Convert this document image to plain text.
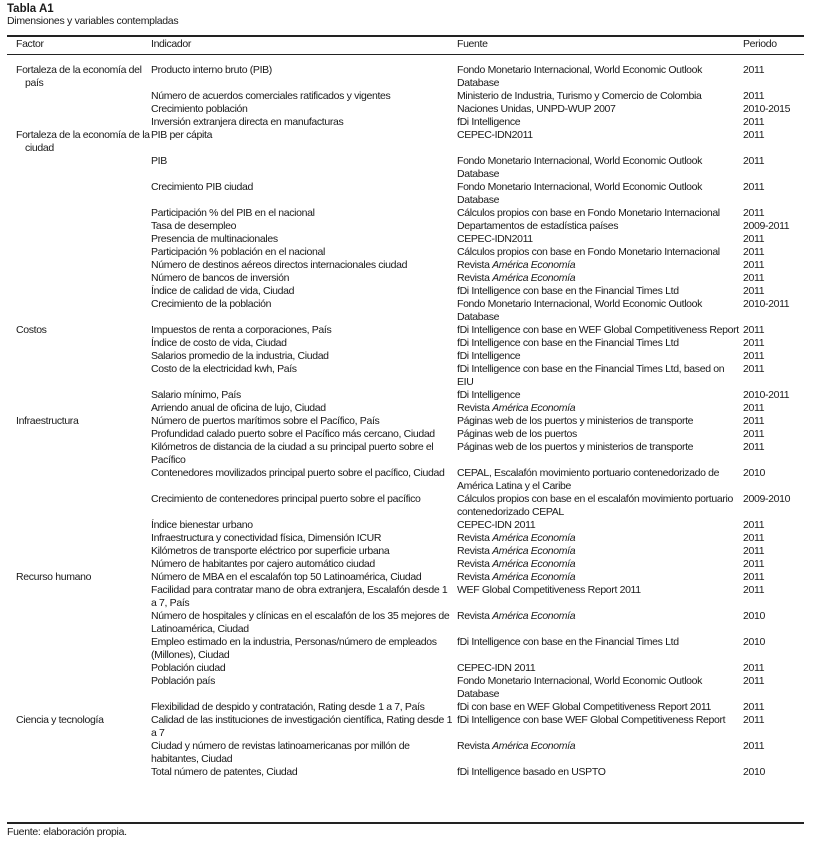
Tabla A1
Dimensiones y variables contempladas
Factor	Indicador	Fuente	Periodo

Fortaleza de la economía del país	Producto interno bruto (PIB)	Fondo Monetario Internacional, World Economic Outlook Database	2011

	Número de acuerdos comerciales ratificados y vigentes	Ministerio de Industria, Turismo y Comercio de Colombia	2011

	Crecimiento población	Naciones Unidas, UNPD-WUP 2007	2010-2015

	Inversión extranjera directa en manufacturas	fDi Intelligence	2011

Fortaleza de la economía de la ciudad	PIB per cápita	CEPEC-IDN2011	2011

	PIB	Fondo Monetario Internacional, World Economic Outlook Database	2011

	Crecimiento PIB ciudad	Fondo Monetario Internacional, World Economic Outlook Database	2011

	Participación % del PIB en el nacional	Cálculos propios con base en Fondo Monetario Internacional	2011

	Tasa de desempleo	Departamentos de estadística países	2009-2011

	Presencia de multinacionales	CEPEC-IDN2011	2011

	Participación % población en el nacional	Cálculos propios con base en Fondo Monetario Internacional	2011

	Número de destinos aéreos directos internacionales ciudad	Revista América Economía	2011

	Número de bancos de inversión	Revista América Economía	2011

	Índice de calidad de vida, Ciudad	fDi Intelligence con base en the Financial Times Ltd	2011

	Crecimiento de la población	Fondo Monetario Internacional, World Economic Outlook Database	2010-2011

Costos	Impuestos de renta a corporaciones, País	fDi Intelligence con base en WEF Global Competitiveness Report	2011

	Índice de costo de vida, Ciudad	fDi Intelligence con base en the Financial Times Ltd	2011

	Salarios promedio de la industria, Ciudad	fDi Intelligence	2011

	Costo de la electricidad kwh, País	fDi Intelligence con base en the Financial Times Ltd, based on EIU	2011

	Salario mínimo, País	fDi Intelligence	2010-2011

	Arriendo anual de oficina de lujo, Ciudad	Revista América Economía	2011

Infraestructura	Número de puertos marítimos sobre el Pacífico, País	Páginas web de los puertos y ministerios de transporte	2011

	Profundidad calado puerto sobre el Pacífico más cercano, Ciudad	Páginas web de los puertos	2011

	Kilómetros de distancia de la ciudad a su principal puerto sobre el Pacífico	Páginas web de los puertos y ministerios de transporte	2011

	Contenedores movilizados principal puerto sobre el pacífico, Ciudad	CEPAL, Escalafón movimiento portuario contenedorizado de América Latina y el Caribe	2010

	Crecimiento de contenedores principal puerto sobre el pacífico	Cálculos propios con base en el escalafón movimiento portuario contenedorizado CEPAL	2009-2010

	Índice bienestar urbano	CEPEC-IDN 2011	2011

	Infraestructura y conectividad física, Dimensión ICUR	Revista América Economía	2011

	Kilómetros de transporte eléctrico por superficie urbana	Revista América Economía	2011

	Número de habitantes por cajero automático ciudad	Revista América Economía	2011

Recurso humano	Número de MBA en el escalafón top 50 Latinoamérica, Ciudad	Revista América Economía	2011

	Facilidad para contratar mano de obra extranjera, Escalafón desde 1 a 7, País	WEF Global Competitiveness Report 2011	2011

	Número de hospitales y clínicas en el escalafón de los 35 mejores de Latinoamérica, Ciudad	Revista América Economía	2010

	Empleo estimado en la industria, Personas/número de empleados (Millones), Ciudad	fDi Intelligence con base en the Financial Times Ltd	2010

	Población ciudad	CEPEC-IDN 2011	2011

	Población país	Fondo Monetario Internacional, World Economic Outlook Database	2011

	Flexibilidad de despido y contratación, Rating desde 1 a 7, País	fDi con base en WEF Global Competitiveness Report 2011	2011

Ciencia y tecnología	Calidad de las instituciones de investigación científica, Rating desde 1 a 7	fDi Intelligence con base WEF Global Competitiveness Report	2011

	Ciudad y número de revistas latinoamericanas por millón de habitantes, Ciudad	Revista América Economía	2011

	Total número de patentes, Ciudad	fDi Intelligence basado en USPTO	2010
Fuente: elaboración propia.
